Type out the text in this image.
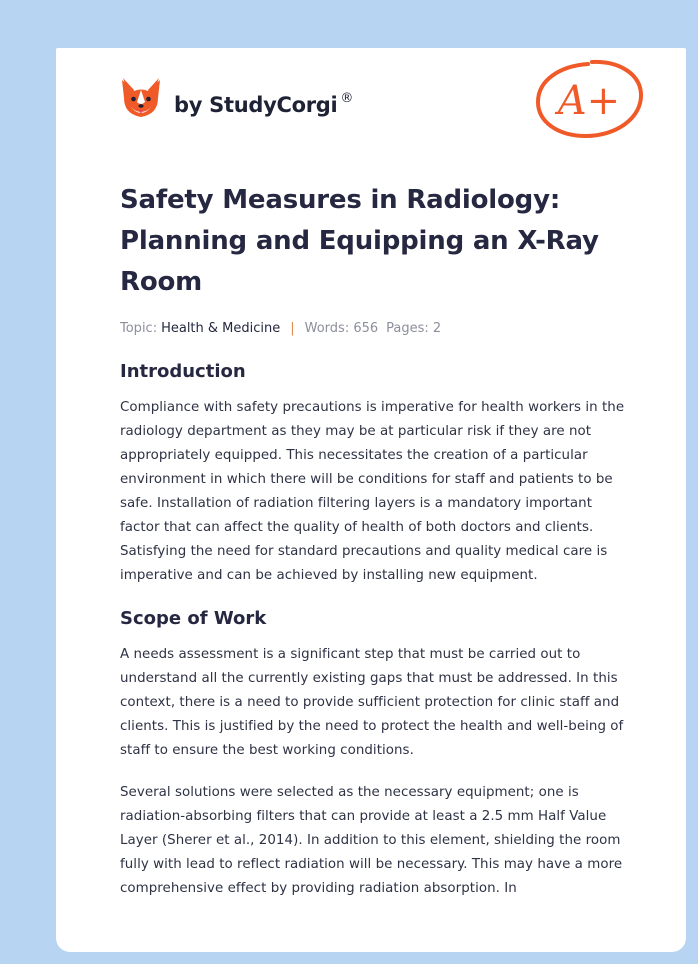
by StudyCorgi ®	A+
Safety Measures in Radiology: Planning and Equipping an X-Ray Room
Topic: Health & Medicine | Words: 656 Pages: 2
Introduction

Compliance with safety precautions is imperative for health workers in the radiology department as they may be at particular risk if they are not appropriately equipped. This necessitates the creation of a particular environment in which there will be conditions for staff and patients to be safe. Installation of radiation filtering layers is a mandatory important factor that can affect the quality of health of both doctors and clients. Satisfying the need for standard precautions and quality medical care is imperative and can be achieved by installing new equipment.

Scope of Work

A needs assessment is a significant step that must be carried out to understand all the currently existing gaps that must be addressed. In this context, there is a need to provide sufficient protection for clinic staff and clients. This is justified by the need to protect the health and well-being of staff to ensure the best working conditions.

Several solutions were selected as the necessary equipment; one is radiation-absorbing filters that can provide at least a 2.5 mm Half Value Layer (Sherer et al., 2014). In addition to this element, shielding the room fully with lead to reflect radiation will be necessary. This may have a more comprehensive effect by providing radiation absorption. In
